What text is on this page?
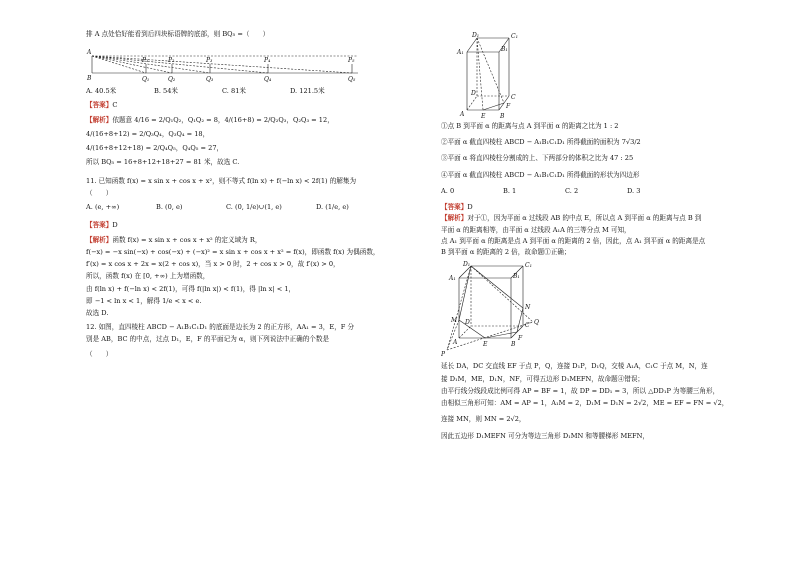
排 A 点处恰好能看到后四块标语牌的底部，则 BQ₅ =（　　）
A
B
P₁	P₂	P₃	P₄	P₅
Q₁	Q₂	Q₃	Q₄	Q₅
A. 40.5米	B. 54米	C. 81米	D. 121.5米
【答案】C
【解析】依题意 4/16 = 2/Q₁Q₂，Q₁Q₂ = 8，4/(16+8) = 2/Q₂Q₃，Q₂Q₃ = 12，
4/(16+8+12) = 2/Q₃Q₄，Q₃Q₄ = 18，
4/(16+8+12+18) = 2/Q₄Q₅，Q₄Q₅ = 27，
所以 BQ₅ = 16+8+12+18+27 = 81 米，故选 C.
11. 已知函数 f(x) = x sin x + cos x + x²，则不等式 f(ln x) + f(−ln x) < 2f(1) 的解集为
（　　）
A. (e, +∞)	B. (0, e)	C. (0, 1/e)∪(1, e)	D. (1/e, e)
【答案】D
【解析】函数 f(x) = x sin x + cos x + x² 的定义域为 R，
f(−x) = −x sin(−x) + cos(−x) + (−x)² = x sin x + cos x + x² = f(x)，即函数 f(x) 为偶函数，
f′(x) = x cos x + 2x = x(2 + cos x)，当 x > 0 时，2 + cos x > 0，故 f′(x) > 0，
所以，函数 f(x) 在 [0, +∞) 上为增函数，
由 f(ln x) + f(−ln x) < 2f(1)，可得 f(|ln x|) < f(1)，得 |ln x| < 1，
即 −1 < ln x < 1，解得 1/e < x < e.
故选 D.
12. 如图，直四棱柱 ABCD − A₁B₁C₁D₁ 的底面是边长为 2 的正方形，AA₁ = 3，E，F 分
别是 AB，BC 的中点，过点 D₁，E，F 的平面记为 α，则下列说法中正确的个数是
（　　）
A₁	B₁
C₁
D₁
A	B
C
D
E
F
①点 B 到平面 α 的距离与点 A 到平面 α 的距离之比为 1 : 2
②平面 α 截直四棱柱 ABCD − A₁B₁C₁D₁ 所得截面的面积为 7√3/2
③平面 α 将直四棱柱分割成的上、下两部分的体积之比为 47 : 25
④平面 α 截直四棱柱 ABCD − A₁B₁C₁D₁ 所得截面的形状为四边形
A. 0	B. 1	C. 2	D. 3
【答案】D
【解析】对于①，因为平面 α 过线段 AB 的中点 E，所以点 A 到平面 α 的距离与点 B 到
平面 α 的距离相等，由平面 α 过线段 A₁A 的三等分点 M 可知，
点 A₁ 到平面 α 的距离是点 A 到平面 α 的距离的 2 倍，因此，点 A₁ 到平面 α 的距离是点
B 到平面 α 的距离的 2 倍，故命题①正确；
D₁	C₁
A₁	B₁
D	C
A	B
E
F
M
N
P
Q
延长 DA，DC 交直线 EF 于点 P，Q，连接 D₁P，D₁Q，交棱 A₁A，C₁C 于点 M，N，连
接 D₁M，ME，D₁N，NF，可得五边形 D₁MEFN，故命题④错误；
由平行线分线段成比例可得 AP = BF = 1，故 DP = DD₁ = 3，所以 △DD₁P 为等腰三角形，
由相似三角形可知：AM = AP = 1，A₁M = 2，D₁M = D₁N = 2√2，ME = EF = FN = √2，
连接 MN，则 MN = 2√2，
因此五边形 D₁MEFN 可分为等边三角形 D₁MN 和等腰梯形 MEFN，
